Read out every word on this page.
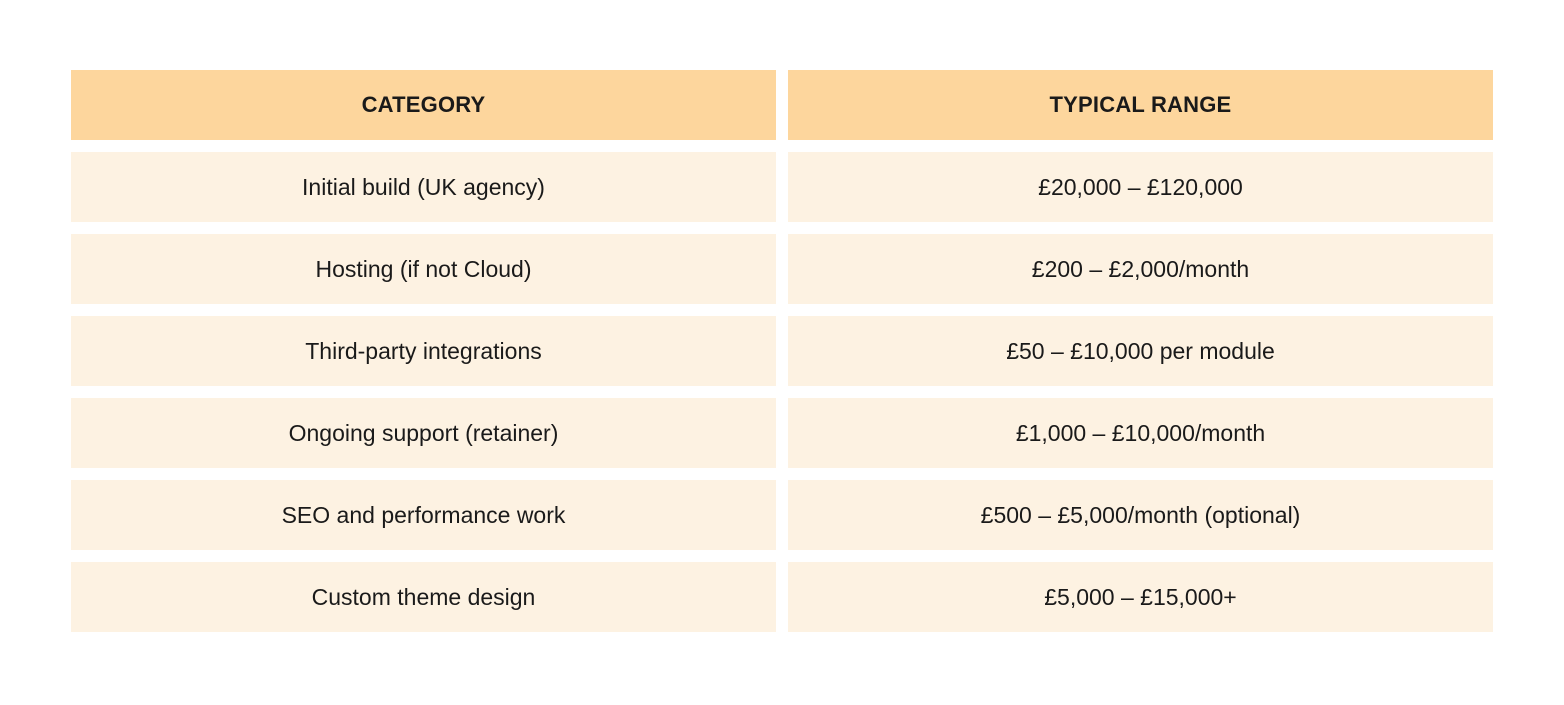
CATEGORY	TYPICAL RANGE
Initial build (UK agency)	£20,000 – £120,000
Hosting (if not Cloud)	£200 – £2,000/month
Third-party integrations	£50 – £10,000 per module
Ongoing support (retainer)	£1,000 – £10,000/month
SEO and performance work	£500 – £5,000/month (optional)
Custom theme design	£5,000 – £15,000+
